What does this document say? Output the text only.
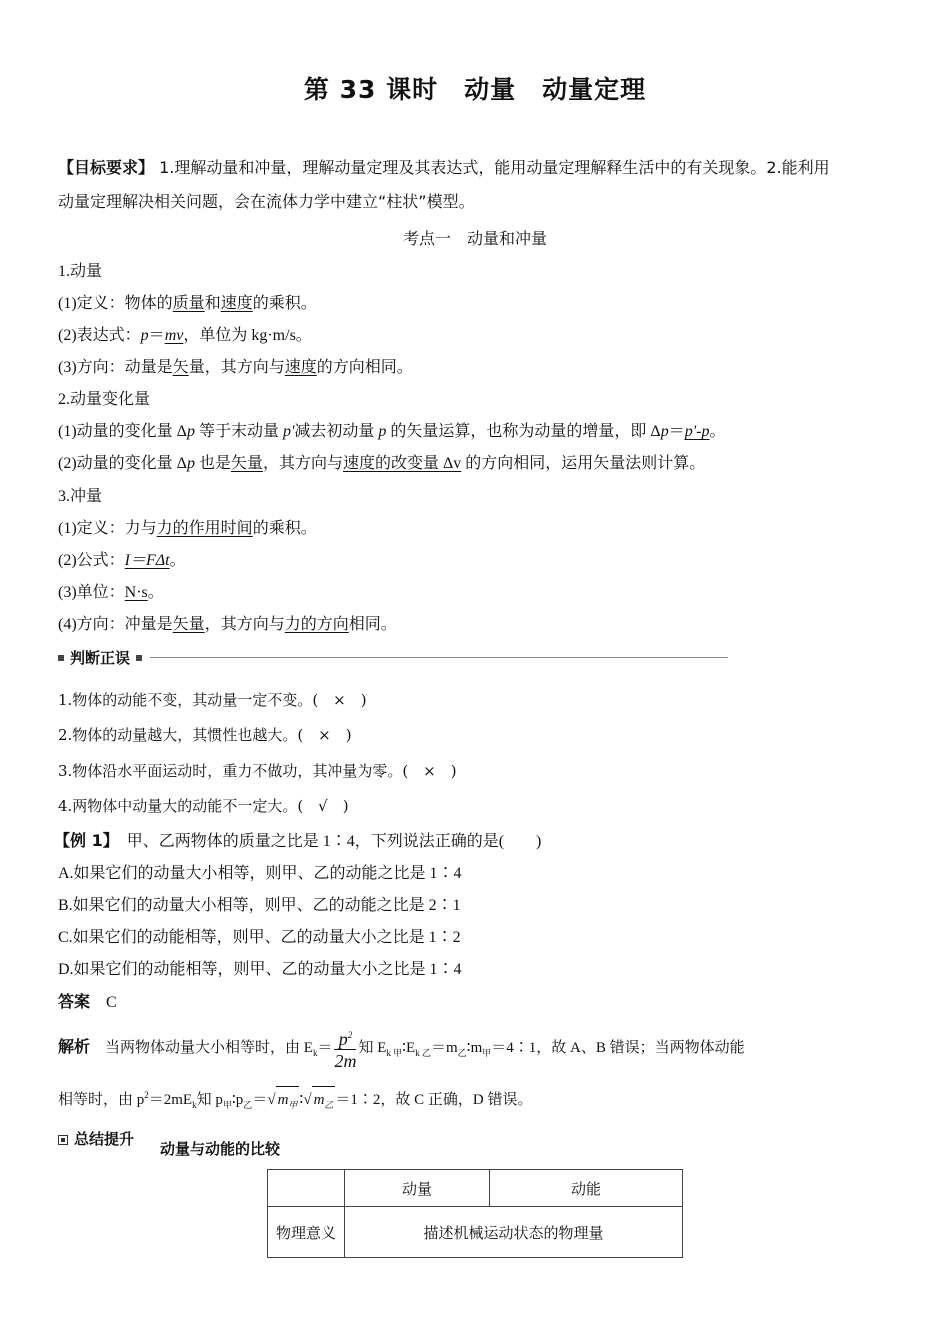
第 33 课时　动量　动量定理
【目标要求】 1.理解动量和冲量，理解动量定理及其表达式，能用动量定理解释生活中的有关现象。2.能利用
动量定理解决相关问题，会在流体力学中建立“柱状”模型。
考点一　动量和冲量
1.动量
(1)定义：物体的质量和速度的乘积。
(2)表达式：p＝mv，单位为 kg·m/s。
(3)方向：动量是矢量，其方向与速度的方向相同。
2.动量变化量
(1)动量的变化量 Δp 等于末动量 p'减去初动量 p 的矢量运算，也称为动量的增量，即 Δp＝p'-p。
(2)动量的变化量 Δp 也是矢量，其方向与速度的改变量 Δv 的方向相同，运用矢量法则计算。
3.冲量
(1)定义：力与力的作用时间的乘积。
(2)公式：I＝FΔt。
(3)单位：N·s。
(4)方向：冲量是矢量，其方向与力的方向相同。
判断正误
1.物体的动能不变，其动量一定不变。(　×　)
2.物体的动量越大，其惯性也越大。(　×　)
3.物体沿水平面运动时，重力不做功，其冲量为零。(　×　)
4.两物体中动量大的动能不一定大。(　√　)
【例 1】　甲、乙两物体的质量之比是 1∶4，下列说法正确的是(　　)
A.如果它们的动量大小相等，则甲、乙的动能之比是 1∶4
B.如果它们的动量大小相等，则甲、乙的动能之比是 2∶1
C.如果它们的动能相等，则甲、乙的动量大小之比是 1∶2
D.如果它们的动能相等，则甲、乙的动量大小之比是 1∶4
答案　C
解析　当两物体动量大小相等时，由 $E_k= \frac{p^2}{2m}$ 知 $E_{k 甲}∶E_{k 乙}=m_乙∶m_甲=4∶1$，故 A、B 错误；当两物体动能
相等时，由 $p^2=2mE_k$知 $p_甲∶p_乙=√$ $m_甲$ ∶√ $m_乙$ ＝1∶2，故 C 正确，D 错误。
总结提升
动量与动能的比较
	动量	动能
物理意义	描述机械运动状态的物理量	
